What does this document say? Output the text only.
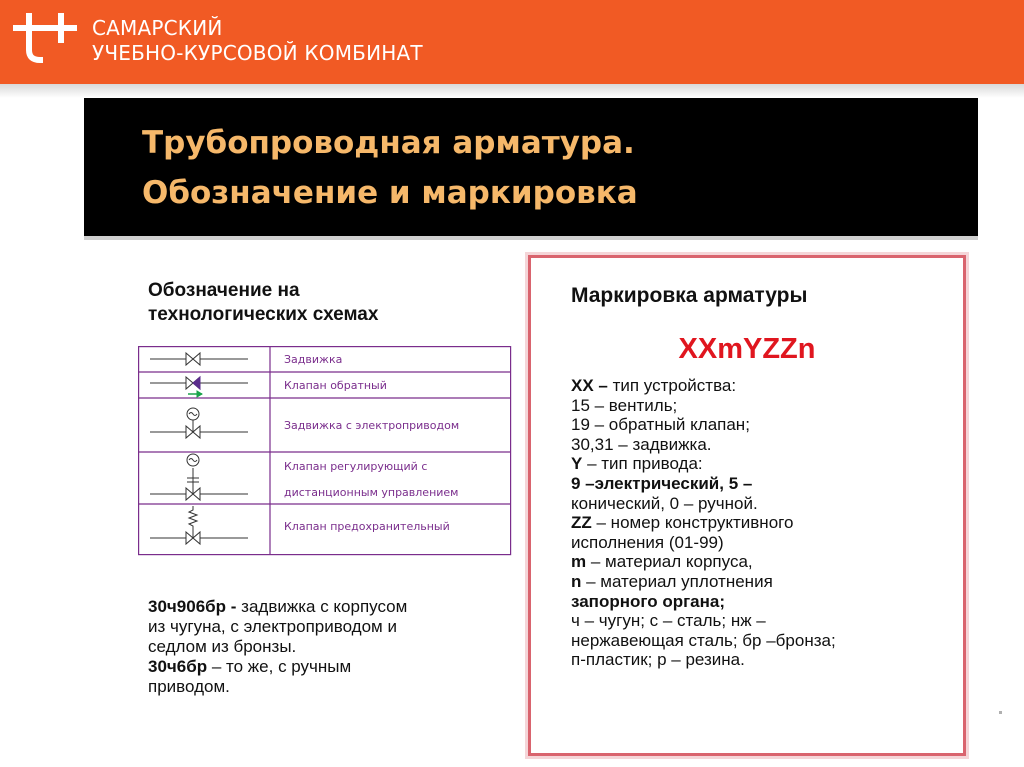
САМАРСКИЙ
УЧЕБНО-КУРСОВОЙ КОМБИНАТ
Трубопроводная арматура.
Обозначение и маркировка
Обозначение на
технологических схемах
Задвижка
Клапан обратный
Задвижка с электроприводом
Клапан регулирующий с
дистанционным управлением
Клапан предохранительный

30ч906бр - задвижка с корпусом

из чугуна, с электроприводом и

седлом из бронзы.

30ч6бр – то же, с ручным

приводом.

Маркировка арматуры
XXmYZZn
XX – тип устройства:
15 – вентиль;
19 – обратный клапан;
30,31 – задвижка.
Y – тип привода:
9 –электрический, 5 –
конический, 0 – ручной.
ZZ – номер конструктивного
исполнения (01-99)
m – материал корпуса,
n – материал уплотнения
запорного органа;
ч – чугун; с – сталь; нж –
нержавеющая сталь; бр –бронза;
п-пластик; р – резина.
